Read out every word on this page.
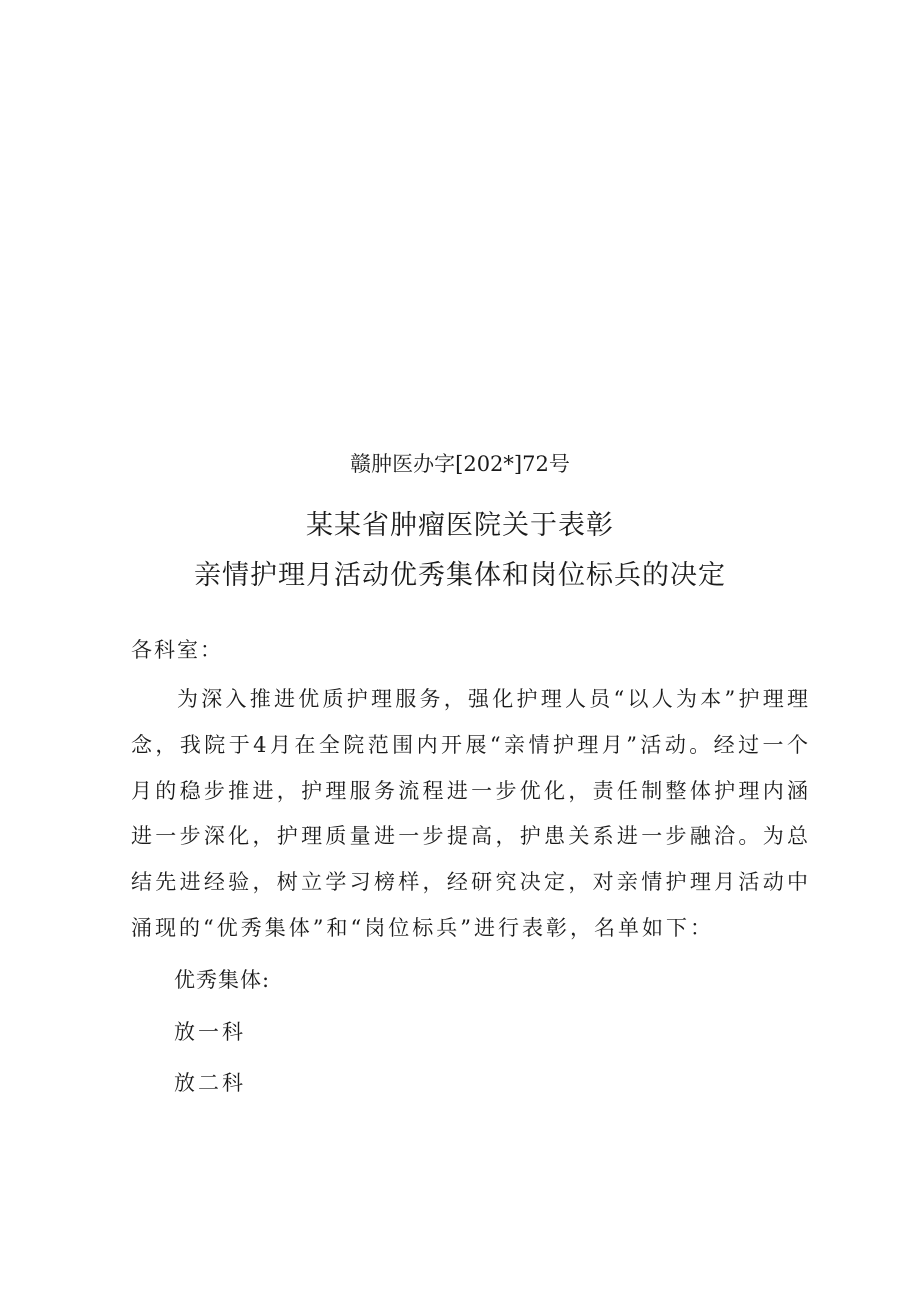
赣肿医办字[202*]72号
某某省肿瘤医院关于表彰
亲情护理月活动优秀集体和岗位标兵的决定
各科室：

为深入推进优质护理服务，强化护理人员“以人为本”护理理念，我院于4月在全院范围内开展“亲情护理月”活动。经过一个月的稳步推进，护理服务流程进一步优化，责任制整体护理内涵进一步深化，护理质量进一步提高，护患关系进一步融洽。为总结先进经验，树立学习榜样，经研究决定，对亲情护理月活动中涌现的“优秀集体”和“岗位标兵”进行表彰，名单如下：

优秀集体:
放一科
放二科
